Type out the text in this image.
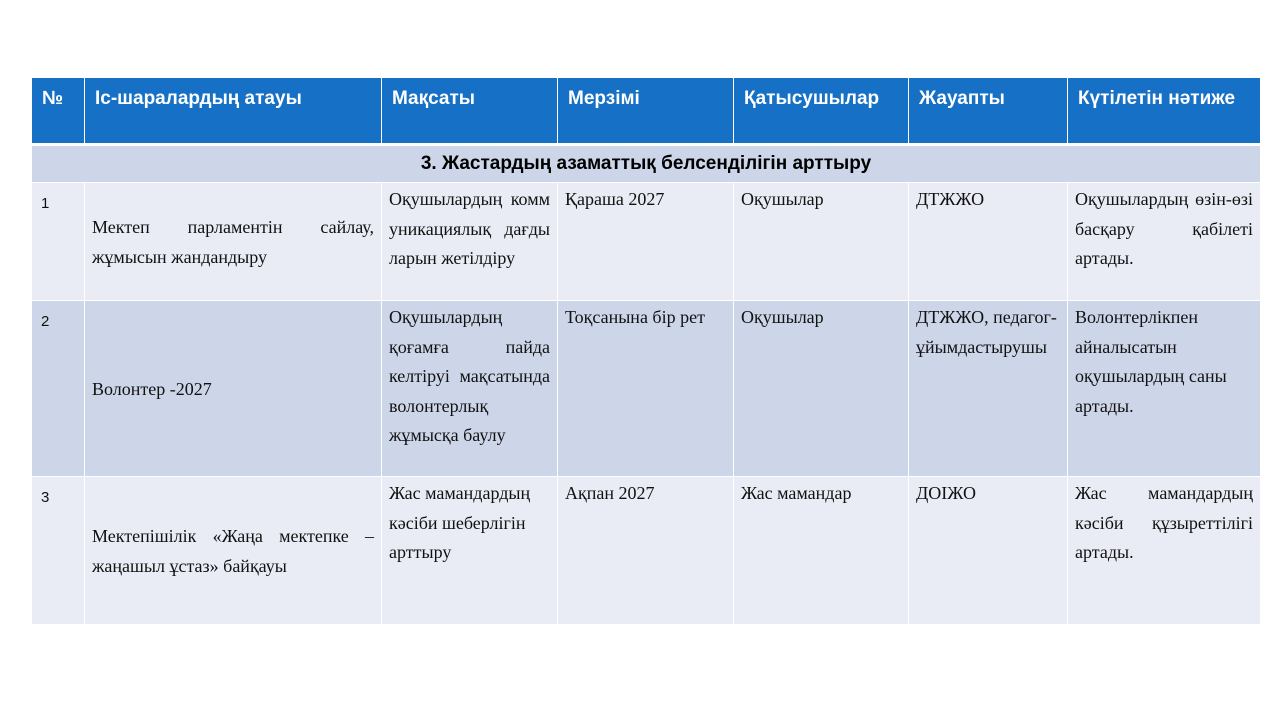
№	Іс-шаралардың атауы	Мақсаты	Мерзімі	Қатысушылар	Жауапты	Күтілетін нәтиже
3. Жастардың азаматтық белсенділігін арттыру						
1	Мектеп парламентін сайлау, жұмысын жандандыру	Оқушылардың коммуникациялық дағдыларын жетілдіру	Қараша 2027	Оқушылар	ДТЖЖО	Оқушылардың өзін-өзі басқару қабілеті артады.
2	Волонтер -2027	Оқушылардың қоғамға пайда келтіруі мақсатында волонтерлық жұмысқа баулу	Тоқсанына бір рет	Оқушылар	ДТЖЖО, педагог-ұйымдастырушы	Волонтерлікпен айналысатын оқушылардың саны артады.
3	Мектепішілік «Жаңа мектепке – жаңашыл ұстаз» байқауы	Жас мамандардың кәсіби шеберлігін арттыру	Ақпан 2027	Жас мамандар	ДОІЖО	Жас мамандардың кәсіби құзыреттілігі артады.
